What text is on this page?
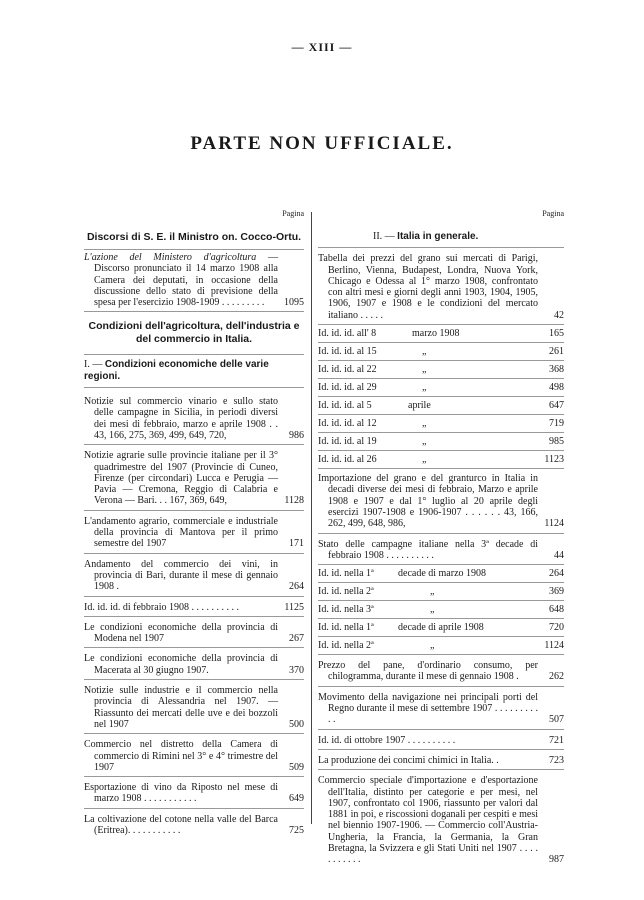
— XIII —
PARTE NON UFFICIALE.
Pagina
Discorsi di S. E. il Ministro on. Cocco-Ortu.
L'azione del Ministero d'agricoltura — Discorso pronunciato il 14 marzo 1908 alla Camera dei deputati, in occasione della discussione dello stato di previsione della spesa per l'esercizio 1908-1909 . . . . . . . . .	1095
Condizioni dell'agricoltura, dell'industria e del commercio in Italia.
I. — Condizioni economiche delle varie regioni.
Notizie sul commercio vinario e sullo stato delle campagne in Sicilia, in periodi diversi dei mesi di febbraio, marzo e aprile 1908 . . 43, 166, 275, 369, 499, 649, 720,	986
Notizie agrarie sulle provincie italiane per il 3° quadrimestre del 1907 (Provincie di Cuneo, Firenze (per circondari) Lucca e Perugia — Pavia — Cremona, Reggio di Calabria e Verona — Bari. . . 167, 369, 649,	1128
L'andamento agrario, commerciale e industriale della provincia di Mantova per il primo semestre del 1907	171
Andamento del commercio dei vini, in provincia di Bari, durante il mese di gennaio 1908 .	264
Id. id. id. di febbraio 1908 . . . . . . . . . .	1125
Le condizioni economiche della provincia di Modena nel 1907	267
Le condizioni economiche della provincia di Macerata al 30 giugno 1907.	370
Notizie sulle industrie e il commercio nella provincia di Alessandria nel 1907. — Riassunto dei mercati delle uve e dei bozzoli nel 1907	500
Commercio nel distretto della Camera di commercio di Rimini nel 3° e 4° trimestre del 1907	509
Esportazione di vino da Riposto nel mese di marzo 1908 . . . . . . . . . . .	649
La coltivazione del cotone nella valle del Barca (Eritrea). . . . . . . . . . .	725
Pagina
II. — Italia in generale.
Tabella dei prezzi del grano sui mercati di Parigi, Berlino, Vienna, Budapest, Londra, Nuova York, Chicago e Odessa al 1° marzo 1908, confrontato con altri mesi e giorni degli anni 1903, 1904, 1905, 1906, 1907 e 1908 e le condizioni del mercato italiano . . . . .	42
Id. id. id. all' 8	marzo 1908	165
Id. id. id. al 15	„	261
Id. id. id. al 22	„	368
Id. id. id. al 29	„	498
Id. id. id. al 5	aprile	647
Id. id. id. al 12	„	719
Id. id. id. al 19	„	985
Id. id. id. al 26	„	1123
Importazione del grano e del granturco in Italia in decadi diverse dei mesi di febbraio, Marzo e aprile 1908 e 1907 e dal 1° luglio al 20 aprile degli esercizi 1907-1908 e 1906-1907 . . . . . . 43, 166, 262, 499, 648, 986,	1124
Stato delle campagne italiane nella 3ª decade di febbraio 1908 . . . . . . . . . .	44
Id. id. nella 1ª decade di marzo 1908	264
Id. id. nella 2ª	„	369
Id. id. nella 3ª	„	648
Id. id. nella 1ª decade di aprile 1908	720
Id. id. nella 2ª	„	1124
Prezzo del pane, d'ordinario consumo, per chilogramma, durante il mese di gennaio 1908 .	262
Movimento della navigazione nei principali porti del Regno durante il mese di settembre 1907 . . . . . . . . . . .	507
Id. id. di ottobre 1907 . . . . . . . . . .	721
La produzione dei concimi chimici in Italia. .	723
Commercio speciale d'importazione e d'esportazione dell'Italia, distinto per categorie e per mesi, nel 1907, confrontato col 1906, riassunto per valori dal 1881 in poi, e riscossioni doganali per cespiti e mesi nel biennio 1907-1906. — Commercio coll'Austria-Ungheria, la Francia, la Germania, la Gran Bretagna, la Svizzera e gli Stati Uniti nel 1907 . . . . . . . . . . .	987
